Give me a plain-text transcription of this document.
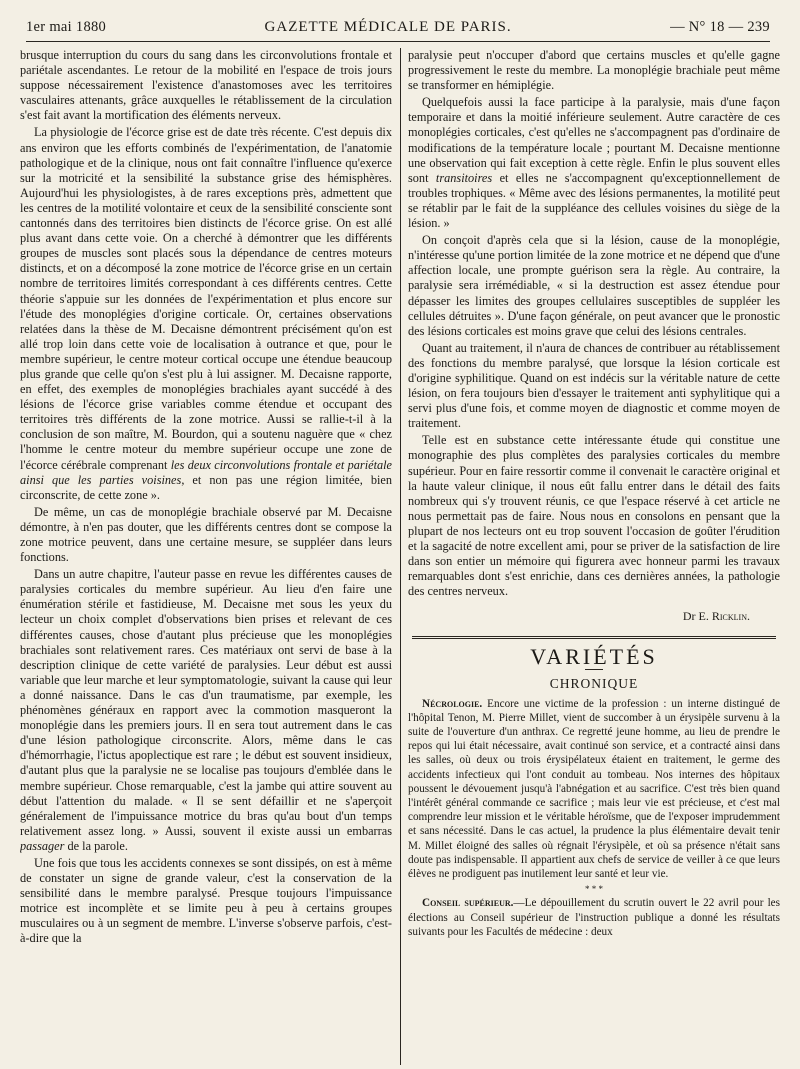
1er mai 1880	GAZETTE MÉDICALE DE PARIS.	— N° 18 — 239

brusque interruption du cours du sang dans les circonvolutions frontale et pariétale ascendantes. Le retour de la mobilité en l'espace de trois jours suppose nécessairement l'existence d'anastomoses avec les territoires vasculaires attenants, grâce auxquelles le rétablissement de la circulation s'est fait avant la mortification des éléments nerveux.

La physiologie de l'écorce grise est de date très récente. C'est depuis dix ans environ que les efforts combinés de l'expérimentation, de l'anatomie pathologique et de la clinique, nous ont fait connaître l'influence qu'exerce sur la motricité et la sensibilité la substance grise des hémisphères. Aujourd'hui les physiologistes, à de rares exceptions près, admettent que les centres de la motilité volontaire et ceux de la sensibilité consciente sont cantonnés dans des territoires bien distincts de l'écorce grise. On est allé plus avant dans cette voie. On a cherché à démontrer que les différents groupes de muscles sont placés sous la dépendance de centres moteurs distincts, et on a décomposé la zone motrice de l'écorce grise en un certain nombre de territoires limités correspondant à ces différents centres. Cette théorie s'appuie sur les données de l'expérimentation et plus encore sur l'étude des monoplégies d'origine corticale. Or, certaines observations relatées dans la thèse de M. Decaisne démontrent précisément qu'on est allé trop loin dans cette voie de localisation à outrance et que, pour le membre supérieur, le centre moteur cortical occupe une étendue beaucoup plus grande que celle qu'on s'est plu à lui assigner. M. Decaisne rapporte, en effet, des exemples de monoplégies brachiales ayant succédé à des lésions de l'écorce grise variables comme étendue et occupant des territoires très différents de la zone motrice. Aussi se rallie-t-il à la conclusion de son maître, M. Bourdon, qui a soutenu naguère que « chez l'homme le centre moteur du membre supérieur occupe une zone de l'écorce cérébrale comprenant les deux circonvolutions frontale et pariétale ainsi que les parties voisines, et non pas une région limitée, bien circonscrite, de cette zone ».

De même, un cas de monoplégie brachiale observé par M. Decaisne démontre, à n'en pas douter, que les différents centres dont se compose la zone motrice peuvent, dans une certaine mesure, se suppléer dans leurs fonctions.

Dans un autre chapitre, l'auteur passe en revue les différentes causes de paralysies corticales du membre supérieur. Au lieu d'en faire une énumération stérile et fastidieuse, M. Decaisne met sous les yeux du lecteur un choix complet d'observations bien prises et relevant de ces différentes causes, chose d'autant plus précieuse que les monoplégies brachiales sont relativement rares. Ces matériaux ont servi de base à la description clinique de cette variété de paralysies. Leur début est aussi variable que leur marche et leur symptomatologie, suivant la cause qui leur a donné naissance. Dans le cas d'un traumatisme, par exemple, les phénomènes généraux en rapport avec la commotion masqueront la monoplégie dans les premiers jours. Il en sera tout autrement dans le cas d'une lésion pathologique circonscrite. Alors, même dans le cas d'hémorrhagie, l'ictus apoplectique est rare ; le début est souvent insidieux, d'autant plus que la paralysie ne se localise pas toujours d'emblée dans le membre supérieur. Chose remarquable, c'est la jambe qui attire souvent au début l'attention du malade. « Il se sent défaillir et ne s'aperçoit généralement de l'impuissance motrice du bras qu'au bout d'un temps relativement assez long. » Aussi, souvent il existe aussi un embarras passager de la parole.

Une fois que tous les accidents connexes se sont dissipés, on est à même de constater un signe de grande valeur, c'est la conservation de la sensibilité dans le membre paralysé. Presque toujours l'impuissance motrice est incomplète et se limite peu à peu à certains groupes musculaires ou à un segment de membre. L'inverse s'observe parfois, c'est-à-dire que la

paralysie peut n'occuper d'abord que certains muscles et qu'elle gagne progressivement le reste du membre. La monoplégie brachiale peut même se transformer en hémiplégie.

Quelquefois aussi la face participe à la paralysie, mais d'une façon temporaire et dans la moitié inférieure seulement. Autre caractère de ces monoplégies corticales, c'est qu'elles ne s'accompagnent pas d'ordinaire de modifications de la température locale ; pourtant M. Decaisne mentionne une observation qui fait exception à cette règle. Enfin le plus souvent elles sont transitoires et elles ne s'accompagnent qu'exceptionnellement de troubles trophiques. « Même avec des lésions permanentes, la motilité peut se rétablir par le fait de la suppléance des cellules voisines du siège de la lésion. »

On conçoit d'après cela que si la lésion, cause de la monoplégie, n'intéresse qu'une portion limitée de la zone motrice et ne dépend que d'une affection locale, une prompte guérison sera la règle. Au contraire, la paralysie sera irrémédiable, « si la destruction est assez étendue pour dépasser les limites des groupes cellulaires susceptibles de suppléer les cellules détruites ». D'une façon générale, on peut avancer que le pronostic des lésions corticales est moins grave que celui des lésions centrales.

Quant au traitement, il n'aura de chances de contribuer au rétablissement des fonctions du membre paralysé, que lorsque la lésion corticale est d'origine syphilitique. Quand on est indécis sur la véritable nature de cette lésion, on fera toujours bien d'essayer le traitement anti syphylitique qui a servi plus d'une fois, et comme moyen de diagnostic et comme moyen de traitement.

Telle est en substance cette intéressante étude qui constitue une monographie des plus complètes des paralysies corticales du membre supérieur. Pour en faire ressortir comme il convenait le caractère original et la haute valeur clinique, il nous eût fallu entrer dans le détail des faits nombreux qui s'y trouvent réunis, ce que l'espace réservé à cet article ne nous permettait pas de faire. Nous nous en consolons en pensant que la plupart de nos lecteurs ont eu trop souvent l'occasion de goûter l'érudition et la sagacité de notre excellent ami, pour se priver de la satisfaction de lire dans son entier un mémoire qui figurera avec honneur parmi les travaux remarquables dont s'est enrichie, dans ces dernières années, la pathologie des centres nerveux.

Dr E. Ricklin.
VARIÉTÉS
CHRONIQUE

Nécrologie. Encore une victime de la profession : un interne distingué de l'hôpital Tenon, M. Pierre Millet, vient de succomber à un érysipèle survenu à la suite de l'ouverture d'un anthrax. Ce regretté jeune homme, au lieu de prendre le repos qui lui était nécessaire, avait continué son service, et a contracté ainsi dans les salles, où deux ou trois érysipélateux étaient en traitement, le germe des accidents infectieux qui l'ont conduit au tombeau. Nos internes des hôpitaux poussent le dévouement jusqu'à l'abnégation et au sacrifice. C'est très bien quand l'intérêt général commande ce sacrifice ; mais leur vie est précieuse, et c'est mal comprendre leur mission et le véritable héroïsme, que de l'exposer imprudemment et sans nécessité. Dans le cas actuel, la prudence la plus élémentaire devait tenir M. Millet éloigné des salles où régnait l'érysipèle, et où sa présence n'était sans doute pas indispensable. Il appartient aux chefs de service de veiller à ce que leurs élèves ne prodiguent pas inutilement leur santé et leur vie.

* * *

Conseil supérieur.—Le dépouillement du scrutin ouvert le 22 avril pour les élections au Conseil supérieur de l'instruction publique a donné les résultats suivants pour les Facultés de médecine : deux
